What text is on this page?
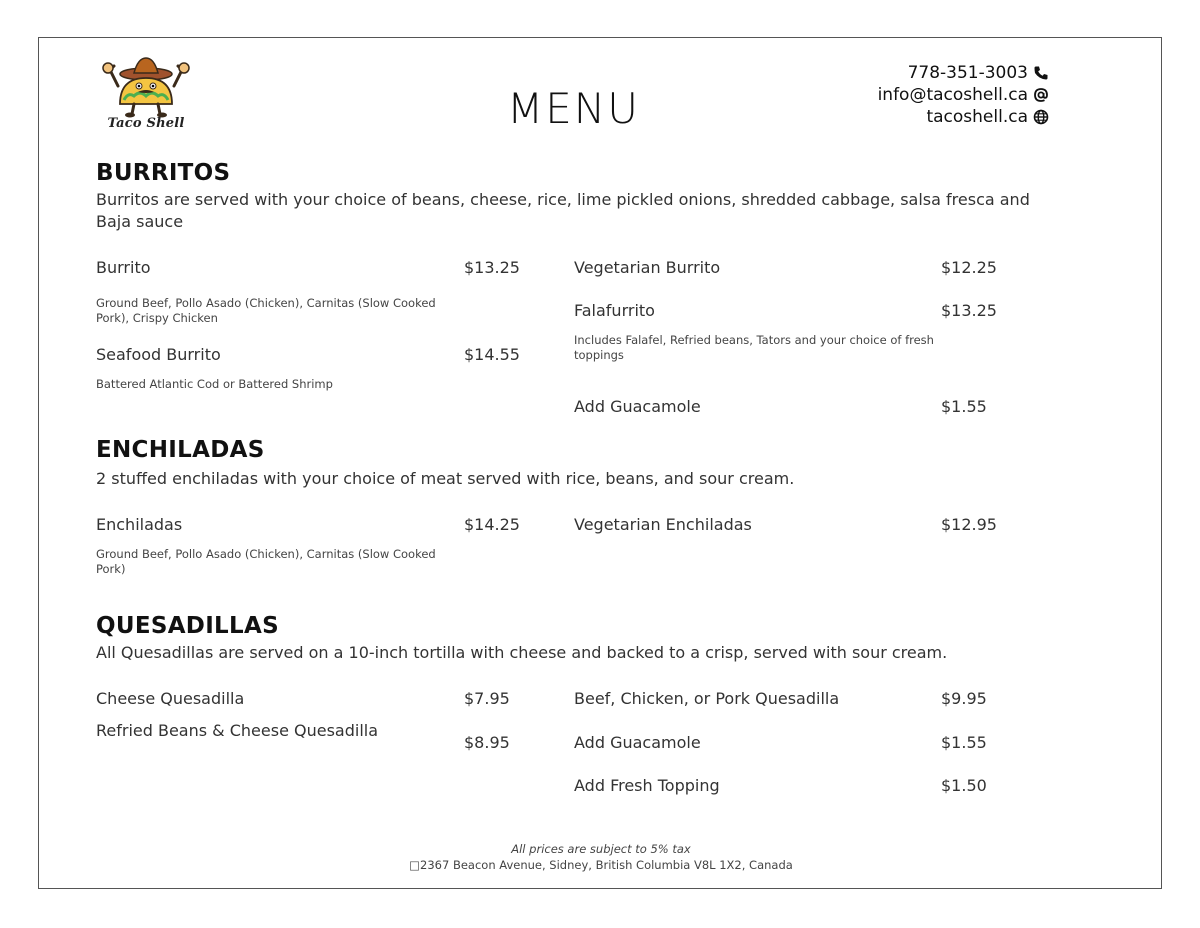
Taco Shell	MENU
778-351-3003
info@tacoshell.ca
tacoshell.ca
BURRITOS
Burritos are served with your choice of beans, cheese, rice, lime pickled onions, shredded cabbage, salsa fresca and Baja sauce
Burrito	$13.25
Ground Beef, Pollo Asado (Chicken), Carnitas (Slow Cooked Pork), Crispy Chicken
Seafood Burrito	$14.55
Battered Atlantic Cod or Battered Shrimp
Vegetarian Burrito	$12.25
Falafurrito	$13.25
Includes Falafel, Refried beans, Tators and your choice of fresh toppings
Add Guacamole	$1.55
ENCHILADAS
2 stuffed enchiladas with your choice of meat served with rice, beans, and sour cream.
Enchiladas	$14.25
Ground Beef, Pollo Asado (Chicken), Carnitas (Slow Cooked Pork)
Vegetarian Enchiladas	$12.95
QUESADILLAS
All Quesadillas are served on a 10-inch tortilla with cheese and backed to a crisp, served with sour cream.
Cheese Quesadilla	$7.95
Refried Beans & Cheese Quesadilla
$8.95
Beef, Chicken, or Pork Quesadilla	$9.95
Add Guacamole	$1.55
Add Fresh Topping	$1.50
All prices are subject to 5% tax
□2367 Beacon Avenue, Sidney, British Columbia V8L 1X2, Canada
